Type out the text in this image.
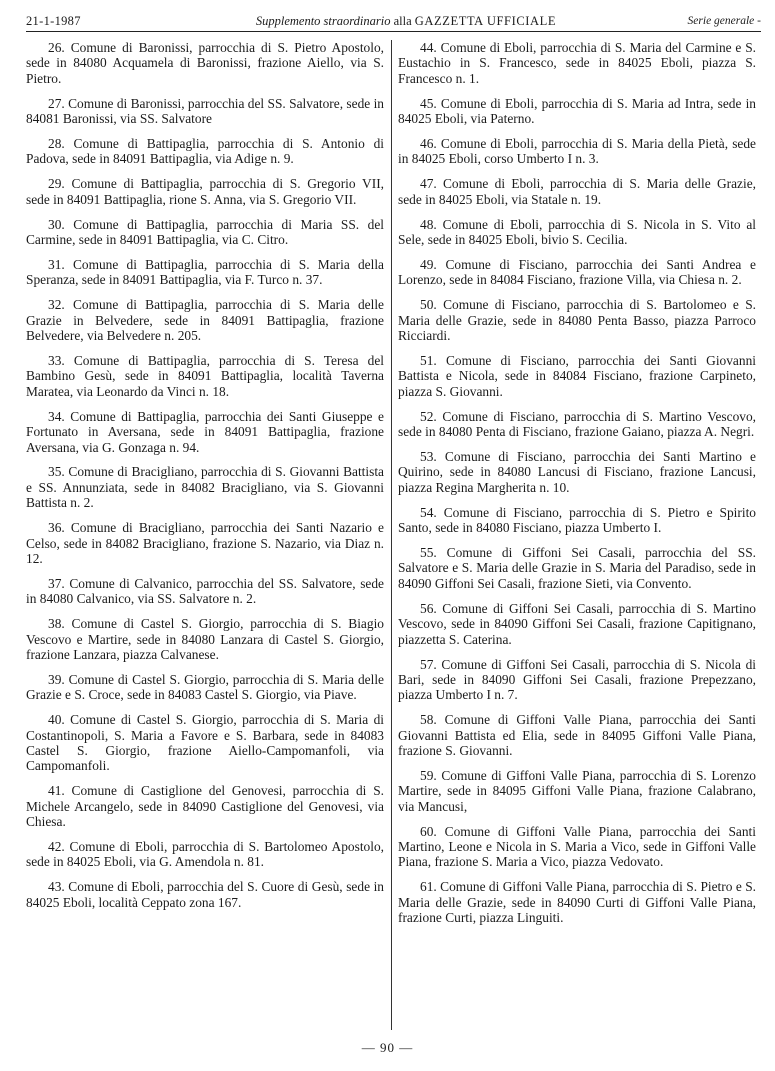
21-1-1987	Supplemento straordinario alla GAZZETTA UFFICIALE	Serie generale -

26. Comune di Baronissi, parrocchia di S. Pietro Apostolo, sede in 84080 Acquamela di Baronissi, frazione Aiello, via S. Pietro.

27. Comune di Baronissi, parrocchia del SS. Salvatore, sede in 84081 Baronissi, via SS. Salvatore

28. Comune di Battipaglia, parrocchia di S. Antonio di Padova, sede in 84091 Battipaglia, via Adige n. 9.

29. Comune di Battipaglia, parrocchia di S. Gregorio VII, sede in 84091 Battipaglia, rione S. Anna, via S. Gregorio VII.

30. Comune di Battipaglia, parrocchia di Maria SS. del Carmine, sede in 84091 Battipaglia, via C. Citro.

31. Comune di Battipaglia, parrocchia di S. Maria della Speranza, sede in 84091 Battipaglia, via F. Turco n. 37.

32. Comune di Battipaglia, parrocchia di S. Maria delle Grazie in Belvedere, sede in 84091 Battipaglia, frazione Belvedere, via Belvedere n. 205.

33. Comune di Battipaglia, parrocchia di S. Teresa del Bambino Gesù, sede in 84091 Battipaglia, località Taverna Maratea, via Leonardo da Vinci n. 18.

34. Comune di Battipaglia, parrocchia dei Santi Giuseppe e Fortunato in Aversana, sede in 84091 Battipaglia, frazione Aversana, via G. Gonzaga n. 94.

35. Comune di Bracigliano, parrocchia di S. Giovanni Battista e SS. Annunziata, sede in 84082 Bracigliano, via S. Giovanni Battista n. 2.

36. Comune di Bracigliano, parrocchia dei Santi Nazario e Celso, sede in 84082 Bracigliano, frazione S. Nazario, via Diaz n. 12.

37. Comune di Calvanico, parrocchia del SS. Salvatore, sede in 84080 Calvanico, via SS. Salvatore n. 2.

38. Comune di Castel S. Giorgio, parrocchia di S. Biagio Vescovo e Martire, sede in 84080 Lanzara di Castel S. Giorgio, frazione Lanzara, piazza Calvanese.

39. Comune di Castel S. Giorgio, parrocchia di S. Maria delle Grazie e S. Croce, sede in 84083 Castel S. Giorgio, via Piave.

40. Comune di Castel S. Giorgio, parrocchia di S. Maria di Costantinopoli, S. Maria a Favore e S. Barbara, sede in 84083 Castel S. Giorgio, frazione Aiello-Campomanfoli, via Campomanfoli.

41. Comune di Castiglione del Genovesi, parrocchia di S. Michele Arcangelo, sede in 84090 Castiglione del Genovesi, via Chiesa.

42. Comune di Eboli, parrocchia di S. Bartolomeo Apostolo, sede in 84025 Eboli, via G. Amendola n. 81.

43. Comune di Eboli, parrocchia del S. Cuore di Gesù, sede in 84025 Eboli, località Ceppato zona 167.

44. Comune di Eboli, parrocchia di S. Maria del Carmine e S. Eustachio in S. Francesco, sede in 84025 Eboli, piazza S. Francesco n. 1.

45. Comune di Eboli, parrocchia di S. Maria ad Intra, sede in 84025 Eboli, via Paterno.

46. Comune di Eboli, parrocchia di S. Maria della Pietà, sede in 84025 Eboli, corso Umberto I n. 3.

47. Comune di Eboli, parrocchia di S. Maria delle Grazie, sede in 84025 Eboli, via Statale n. 19.

48. Comune di Eboli, parrocchia di S. Nicola in S. Vito al Sele, sede in 84025 Eboli, bivio S. Cecilia.

49. Comune di Fisciano, parrocchia dei Santi Andrea e Lorenzo, sede in 84084 Fisciano, frazione Villa, via Chiesa n. 2.

50. Comune di Fisciano, parrocchia di S. Bartolomeo e S. Maria delle Grazie, sede in 84080 Penta Basso, piazza Parroco Ricciardi.

51. Comune di Fisciano, parrocchia dei Santi Giovanni Battista e Nicola, sede in 84084 Fisciano, frazione Carpineto, piazza S. Giovanni.

52. Comune di Fisciano, parrocchia di S. Martino Vescovo, sede in 84080 Penta di Fisciano, frazione Gaiano, piazza A. Negri.

53. Comune di Fisciano, parrocchia dei Santi Martino e Quirino, sede in 84080 Lancusi di Fisciano, frazione Lancusi, piazza Regina Margherita n. 10.

54. Comune di Fisciano, parrocchia di S. Pietro e Spirito Santo, sede in 84080 Fisciano, piazza Umberto I.

55. Comune di Giffoni Sei Casali, parrocchia del SS. Salvatore e S. Maria delle Grazie in S. Maria del Paradiso, sede in 84090 Giffoni Sei Casali, frazione Sieti, via Convento.

56. Comune di Giffoni Sei Casali, parrocchia di S. Martino Vescovo, sede in 84090 Giffoni Sei Casali, frazione Capitignano, piazzetta S. Caterina.

57. Comune di Giffoni Sei Casali, parrocchia di S. Nicola di Bari, sede in 84090 Giffoni Sei Casali, frazione Prepezzano, piazza Umberto I n. 7.

58. Comune di Giffoni Valle Piana, parrocchia dei Santi Giovanni Battista ed Elia, sede in 84095 Giffoni Valle Piana, frazione S. Giovanni.

59. Comune di Giffoni Valle Piana, parrocchia di S. Lorenzo Martire, sede in 84095 Giffoni Valle Piana, frazione Calabrano, via Mancusi,

60. Comune di Giffoni Valle Piana, parrocchia dei Santi Martino, Leone e Nicola in S. Maria a Vico, sede in Giffoni Valle Piana, frazione S. Maria a Vico, piazza Vedovato.

61. Comune di Giffoni Valle Piana, parrocchia di S. Pietro e S. Maria delle Grazie, sede in 84090 Curti di Giffoni Valle Piana, frazione Curti, piazza Linguiti.

— 90 —
